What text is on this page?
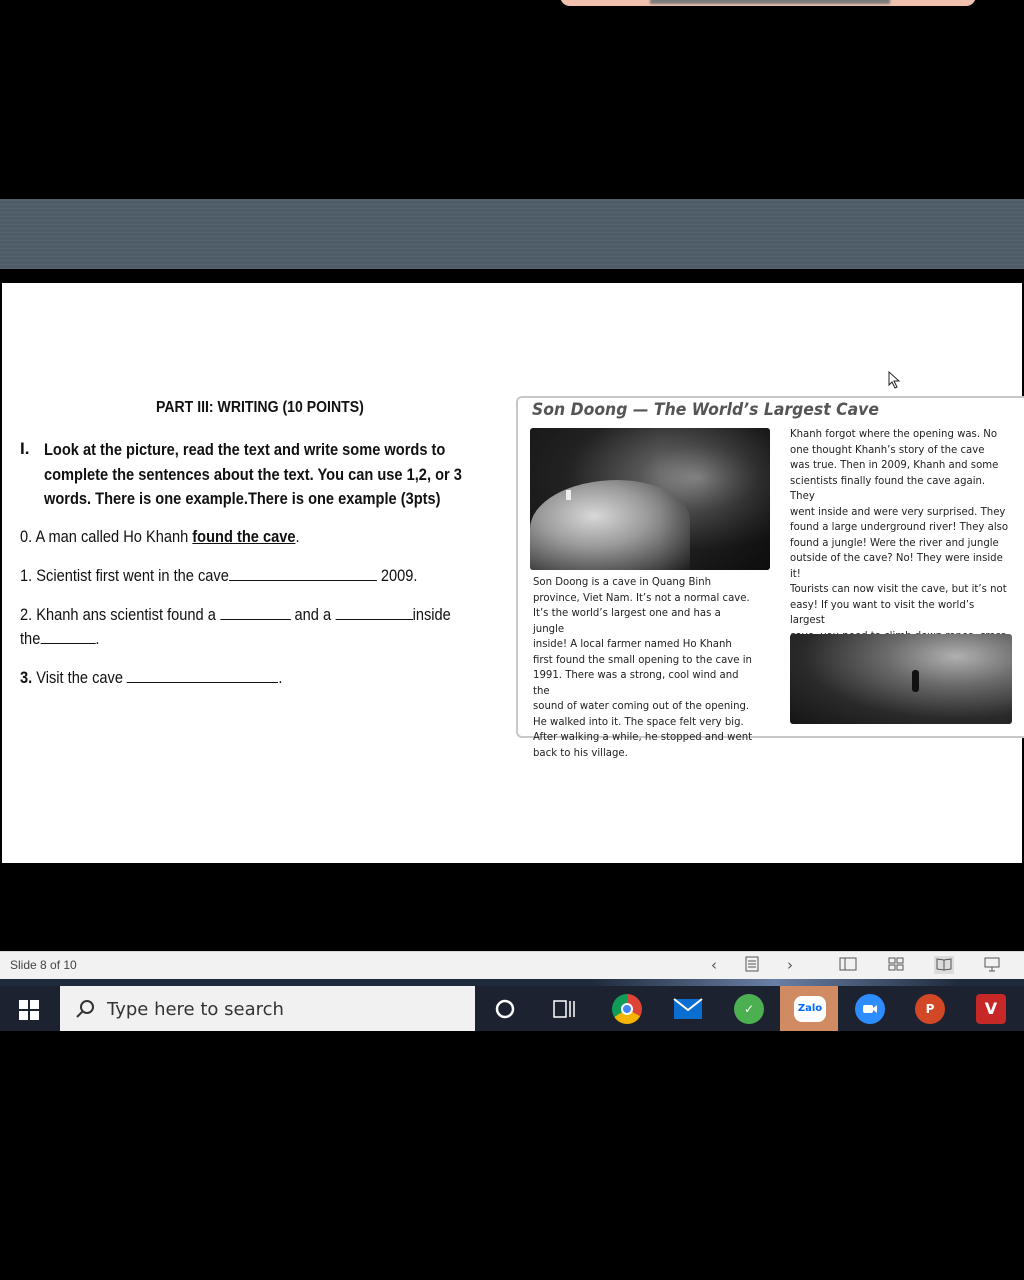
PART III: WRITING (10 POINTS)
I. Look at the picture, read the text and write some words to complete the sentences about the text. You can use 1,2, or 3 words. There is one example.There is one example (3pts)
0. A man called Ho Khanh found the cave.
1. Scientist first went in the cave	2009.
2. Khanh ans scientist found a	and a	inside
the	.
3. Visit the cave	.
Son Doong — The World’s Largest Cave
Son Doong is a cave in Quang Binh
province, Viet Nam. It’s not a normal cave.
It’s the world’s largest one and has a jungle
inside! A local farmer named Ho Khanh
first found the small opening to the cave in
1991. There was a strong, cool wind and the
sound of water coming out of the opening.
He walked into it. The space felt very big.
After walking a while, he stopped and went
back to his village.
Khanh forgot where the opening was. No
one thought Khanh’s story of the cave
was true. Then in 2009, Khanh and some
scientists finally found the cave again. They
went inside and were very surprised. They
found a large underground river! They also
found a jungle! Were the river and jungle
outside of the cave? No! They were inside
it!
Tourists can now visit the cave, but it’s not
easy! If you want to visit the world’s largest

Slide 8 of 10	‹	›
Type here to search	✓	Zalo	P	V
